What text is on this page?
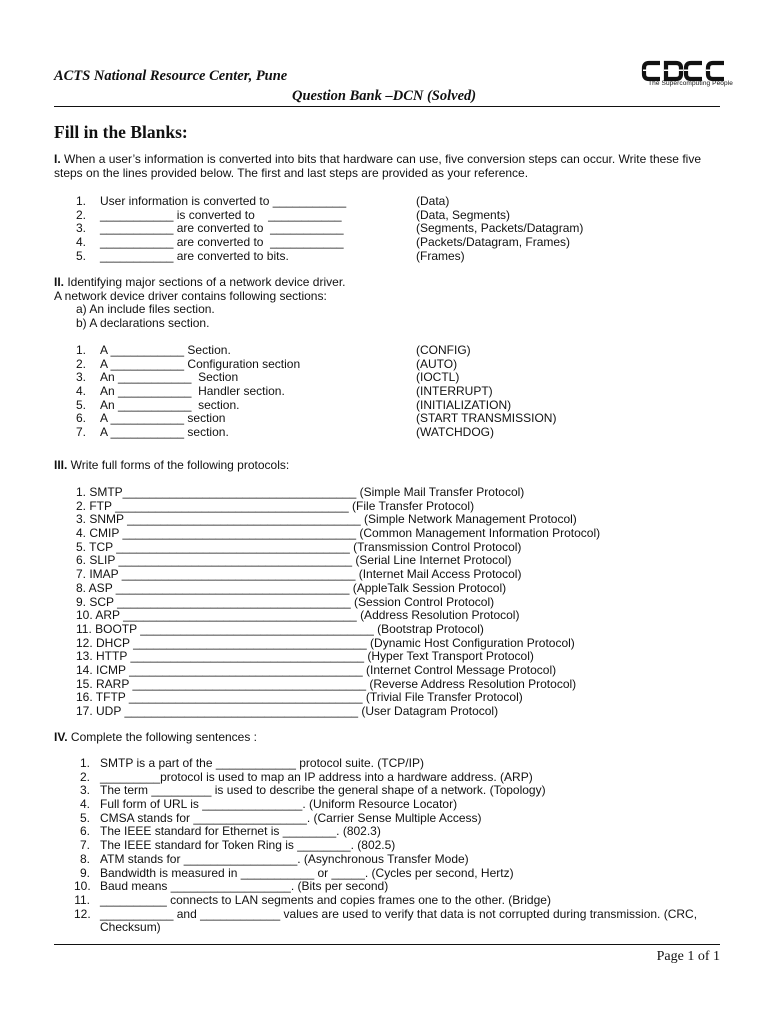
ACTS National Resource Center, Pune
Question Bank –DCN (Solved)
The Supercomputing People
Fill in the Blanks:
I. When a user’s information is converted into bits that hardware can use, five conversion steps can occur. Write these five steps on the lines provided below. The first and last steps are provided as your reference.
1. User information is converted to ___________	(Data)
2. ___________ is converted to    ___________	(Data, Segments)
3. ___________ are converted to  ___________	(Segments, Packets/Datagram)
4. ___________ are converted to  ___________	(Packets/Datagram, Frames)
5. ___________ are converted to bits.	(Frames)
II. Identifying major sections of a network device driver.
A network device driver contains following sections:
a) An include files section.
b) A declarations section.
1. A ___________ Section.	(CONFIG)
2. A ___________ Configuration section	(AUTO)
3. An ___________  Section	(IOCTL)
4. An ___________  Handler section.	(INTERRUPT)
5. An ___________  section.	(INITIALIZATION)
6. A ___________ section	(START TRANSMISSION)
7. A ___________ section.	(WATCHDOG)
III. Write full forms of the following protocols:
1. SMTP___________________________________ (Simple Mail Transfer Protocol)
2. FTP ___________________________________ (File Transfer Protocol)
3. SNMP ___________________________________ (Simple Network Management Protocol)
4. CMIP ___________________________________ (Common Management Information Protocol)
5. TCP ___________________________________ (Transmission Control Protocol)
6. SLIP ___________________________________ (Serial Line Internet Protocol)
7. IMAP ___________________________________ (Internet Mail Access Protocol)
8. ASP ___________________________________ (AppleTalk Session Protocol)
9. SCP ___________________________________ (Session Control Protocol)
10. ARP ___________________________________ (Address Resolution Protocol)
11. BOOTP ___________________________________ (Bootstrap Protocol)
12. DHCP ___________________________________ (Dynamic Host Configuration Protocol)
13. HTTP ___________________________________ (Hyper Text Transport Protocol)
14. ICMP ___________________________________ (Internet Control Message Protocol)
15. RARP ___________________________________ (Reverse Address Resolution Protocol)
16. TFTP ___________________________________ (Trivial File Transfer Protocol)
17. UDP ___________________________________ (User Datagram Protocol)
IV. Complete the following sentences :
1. SMTP is a part of the ____________ protocol suite. (TCP/IP)
2. _________protocol is used to map an IP address into a hardware address. (ARP)
3. The term _________ is used to describe the general shape of a network. (Topology)
4. Full form of URL is _______________. (Uniform Resource Locator)
5. CMSA stands for _________________. (Carrier Sense Multiple Access)
6. The IEEE standard for Ethernet is ________. (802.3)
7. The IEEE standard for Token Ring is ________. (802.5)
8. ATM stands for _________________. (Asynchronous Transfer Mode)
9. Bandwidth is measured in ___________ or _____. (Cycles per second, Hertz)
10. Baud means __________________. (Bits per second)
11. __________ connects to LAN segments and copies frames one to the other. (Bridge)
12. ___________ and ____________ values are used to verify that data is not corrupted during transmission. (CRC, Checksum)
Page 1 of 1
